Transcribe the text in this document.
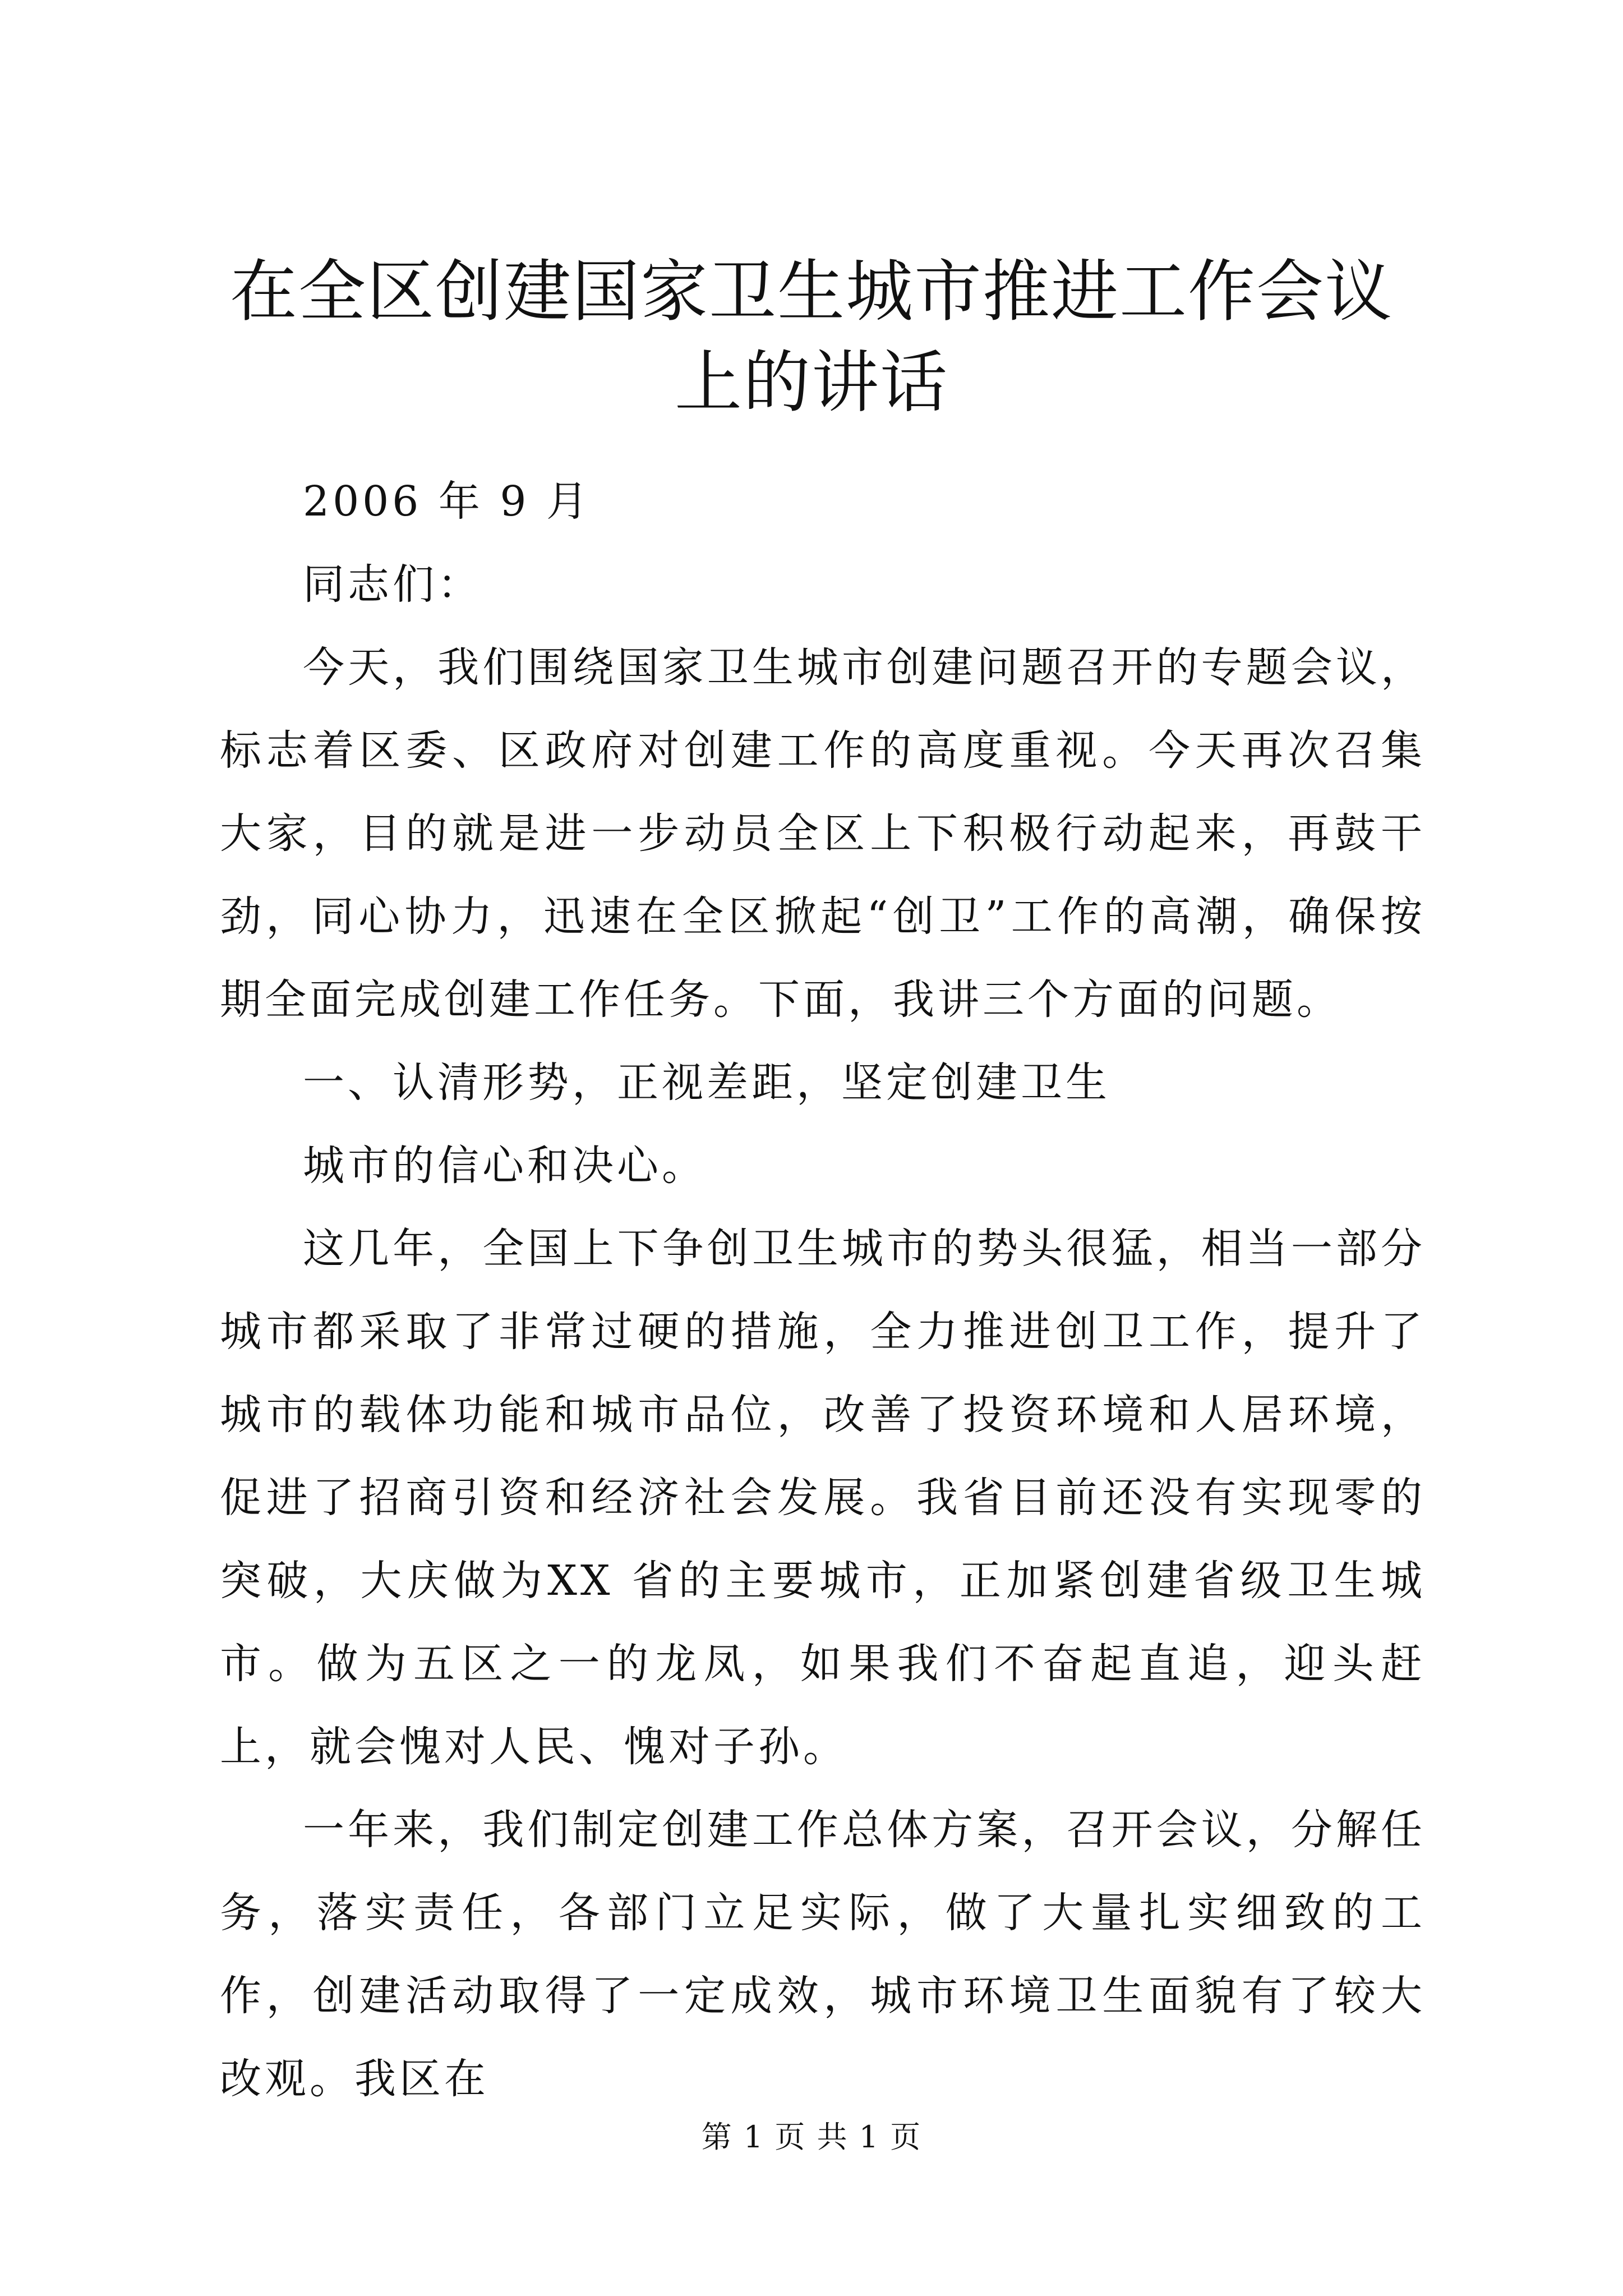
在全区创建国家卫生城市推进工作会议上的讲话

2006 年 9 月

同志们：

今天，我们围绕国家卫生城市创建问题召开的专题会议，标志着区委、区政府对创建工作的高度重视。今天再次召集大家，目的就是进一步动员全区上下积极行动起来，再鼓干劲，同心协力，迅速在全区掀起“创卫”工作的高潮，确保按期全面完成创建工作任务。下面，我讲三个方面的问题。

一、认清形势，正视差距，坚定创建卫生

城市的信心和决心。

这几年，全国上下争创卫生城市的势头很猛，相当一部分城市都采取了非常过硬的措施，全力推进创卫工作，提升了城市的载体功能和城市品位，改善了投资环境和人居环境，促进了招商引资和经济社会发展。我省目前还没有实现零的突破，大庆做为XX 省的主要城市，正加紧创建省级卫生城市。做为五区之一的龙凤，如果我们不奋起直追，迎头赶上，就会愧对人民、愧对子孙。

一年来，我们制定创建工作总体方案，召开会议，分解任务，落实责任，各部门立足实际，做了大量扎实细致的工作，创建活动取得了一定成效，城市环境卫生面貌有了较大改观。我区在

第 1 页 共 1 页
